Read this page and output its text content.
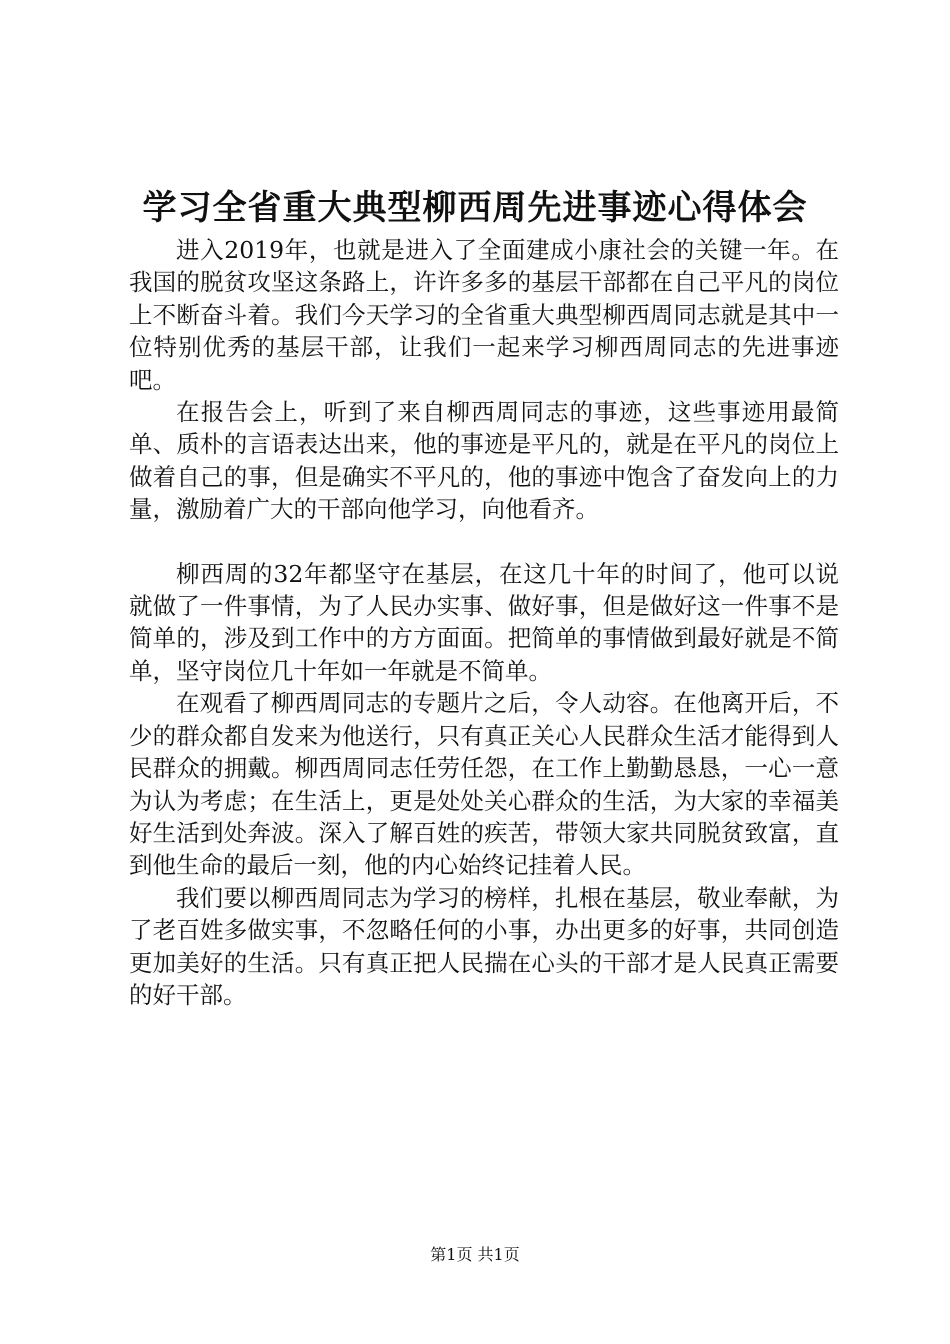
学习全省重大典型柳西周先进事迹心得体会

进入2019年，也就是进入了全面建成小康社会的关键一年。在我国的脱贫攻坚这条路上，许许多多的基层干部都在自己平凡的岗位上不断奋斗着。我们今天学习的全省重大典型柳西周同志就是其中一位特别优秀的基层干部，让我们一起来学习柳西周同志的先进事迹吧。

在报告会上，听到了来自柳西周同志的事迹，这些事迹用最简单、质朴的言语表达出来，他的事迹是平凡的，就是在平凡的岗位上做着自己的事，但是确实不平凡的，他的事迹中饱含了奋发向上的力量，激励着广大的干部向他学习，向他看齐。

柳西周的32年都坚守在基层，在这几十年的时间了，他可以说就做了一件事情，为了人民办实事、做好事，但是做好这一件事不是简单的，涉及到工作中的方方面面。把简单的事情做到最好就是不简单，坚守岗位几十年如一年就是不简单。

在观看了柳西周同志的专题片之后，令人动容。在他离开后，不少的群众都自发来为他送行，只有真正关心人民群众生活才能得到人民群众的拥戴。柳西周同志任劳任怨，在工作上勤勤恳恳，一心一意为认为考虑；在生活上，更是处处关心群众的生活，为大家的幸福美好生活到处奔波。深入了解百姓的疾苦，带领大家共同脱贫致富，直到他生命的最后一刻，他的内心始终记挂着人民。

我们要以柳西周同志为学习的榜样，扎根在基层，敬业奉献，为了老百姓多做实事，不忽略任何的小事，办出更多的好事，共同创造更加美好的生活。只有真正把人民揣在心头的干部才是人民真正需要的好干部。

第1页 共1页
